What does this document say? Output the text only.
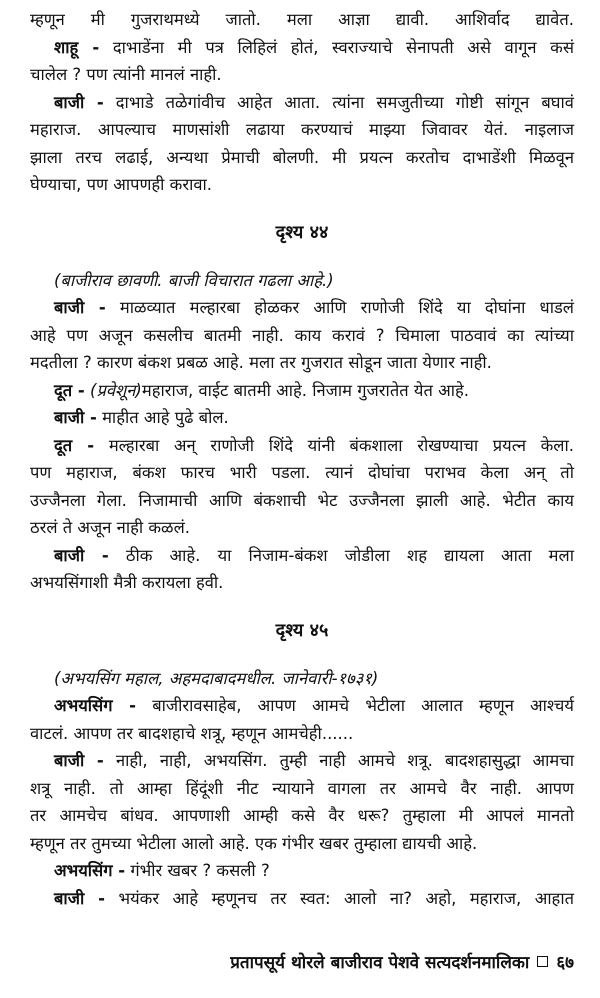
म्हणून मी गुजराथमध्ये जातो. मला आज्ञा द्यावी. आशिर्वाद द्यावेत.

शाहू - दाभाडेंना मी पत्र लिहिलं होतं, स्वराज्याचे सेनापती असे वागून कसं

चालेल ? पण त्यांनी मानलं नाही.

बाजी - दाभाडे तळेगांवीच आहेत आता. त्यांना समजुतीच्या गोष्टी सांगून बघावं

महाराज. आपल्याच माणसांशी लढाया करण्याचं माझ्या जिवावर येतं. नाइलाज

झाला तरच लढाई, अन्यथा प्रेमाची बोलणी. मी प्रयत्न करतोच दाभाडेंशी मिळवून

घेण्याचा, पण आपणही करावा.

दृश्य ४४

(बाजीराव छावणी. बाजी विचारात गढला आहे.)

बाजी - माळव्यात मल्हारबा होळकर आणि राणोजी शिंदे या दोघांना धाडलं

आहे पण अजून कसलीच बातमी नाही. काय करावं ? चिमाला पाठवावं का त्यांच्या

मदतीला ? कारण बंकश प्रबळ आहे. मला तर गुजरात सोडून जाता येणार नाही.

दूत - (प्रवेशून)महाराज, वाईट बातमी आहे. निजाम गुजरातेत येत आहे.

बाजी - माहीत आहे पुढे बोल.

दूत - मल्हारबा अन् राणोजी शिंदे यांनी बंकशाला रोखण्याचा प्रयत्न केला.

पण महाराज, बंकश फारच भारी पडला. त्यानं दोघांचा पराभव केला अन् तो

उज्जैनला गेला. निजामाची आणि बंकशाची भेट उज्जैनला झाली आहे. भेटीत काय

ठरलं ते अजून नाही कळलं.

बाजी - ठीक आहे. या निजाम-बंकश जोडीला शह द्यायला आता मला

अभयसिंगाशी मैत्री करायला हवी.

दृश्य ४५

(अभयसिंग महाल, अहमदाबादमधील. जानेवारी-१७३१)

अभयसिंग - बाजीरावसाहेब, आपण आमचे भेटीला आलात म्हणून आश्चर्य

वाटलं. आपण तर बादशहाचे शत्रू, म्हणून आमचेही......

बाजी - नाही, नाही, अभयसिंग. तुम्ही नाही आमचे शत्रू. बादशहासुद्धा आमचा

शत्रू नाही. तो आम्हा हिंदूंशी नीट न्यायाने वागला तर आमचे वैर नाही. आपण

तर आमचेच बांधव. आपणाशी आम्ही कसे वैर धरू? तुम्हाला मी आपलं मानतो

म्हणून तर तुमच्या भेटीला आलो आहे. एक गंभीर खबर तुम्हाला द्यायची आहे.

अभयसिंग - गंभीर खबर ? कसली ?

बाजी - भयंकर आहे म्हणूनच तर स्वत: आलो ना? अहो, महाराज, आहात

प्रतापसूर्य थोरले बाजीराव पेशवे सत्यदर्शनमालिका ६७
